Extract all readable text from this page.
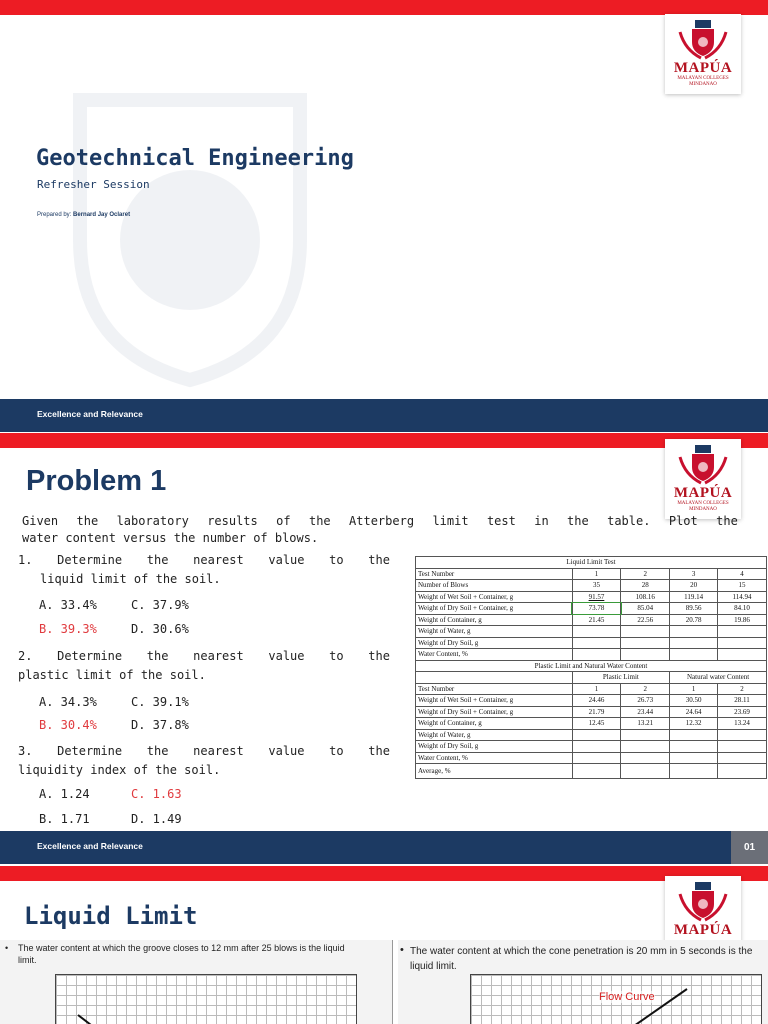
MAPÚA
MALAYAN COLLEGES
MINDANAO
Geotechnical Engineering
Refresher Session
Prepared by: Bernard Jay Oclaret
Excellence and Relevance
MAPÚA
MALAYAN COLLEGES
MINDANAO
Problem 1
Given the laboratory results of the Atterberg limit test in the table. Plot the
water content versus the number of blows.
1. Determine the nearest value to the
liquid limit of the soil.
A. 33.4%	C. 37.9%
B. 39.3%	D. 30.6%
2. Determine the nearest value to the
plastic limit of the soil.
A. 34.3%	C. 39.1%
B. 30.4%	D. 37.8%
3. Determine the nearest value to the
liquidity index of the soil.
A. 1.24	C. 1.63
B. 1.71	D. 1.49
Liquid Limit Test				
Test Number	1	2	3	4
Number of Blows	35	28	20	15
Weight of Wet Soil + Container, g	91.57	108.16	119.14	114.94
Weight of Dry Soil + Container, g	73.78	85.04	89.56	84.10
Weight of Container, g	21.45	22.56	20.78	19.86
Weight of Water, g				
Weight of Dry Soil, g				
Water Content, %				
Plastic Limit and Natural Water Content				
	Plastic Limit		Natural water Content	
Test Number	1	2	1	2
Weight of Wet Soil + Container, g	24.46	26.73	30.50	28.11
Weight of Dry Soil + Container, g	21.79	23.44	24.64	23.69
Weight of Container, g	12.45	13.21	12.32	13.24
Weight of Water, g				
Weight of Dry Soil, g				
Water Content, %				
Average, %				
Excellence and Relevance	01
MAPÚA
Liquid Limit
• The water content at which the groove closes to 12 mm after 25 blows is the liquid
limit.
• The water content at which the cone penetration is 20 mm in 5 seconds is the
liquid limit.
Flow Curve
